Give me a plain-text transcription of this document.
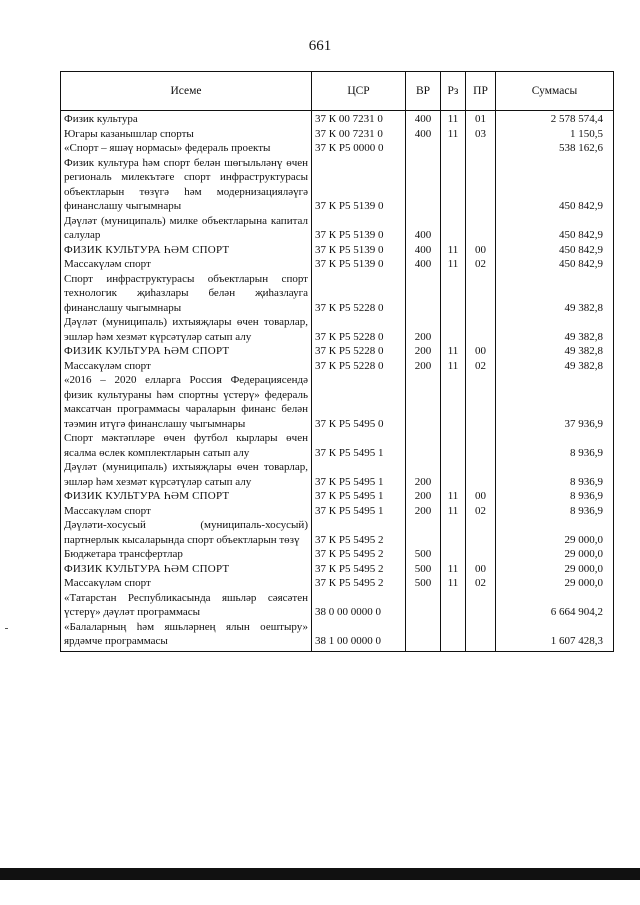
661
Исеме	ЦСР	ВР	Рз	ПР	Суммасы
Физик культура	37 К 00 7231 0	400	11	01	2 578 574,4
Югары казанышлар спорты	37 К 00 7231 0	400	11	03	1 150,5
«Спорт – яшәү нормасы» федераль проекты	37 К Р5 0000 0				538 162,6
Физик культура һәм спорт белән шөгыльләнү өчен региональ милекътәге спорт инфраструктурасы объектларын төзүгә һәм модернизацияләүгә финанслашу чыгымнары	37 К Р5 5139 0				450 842,9
Дәүләт (муниципаль) милке объектларына капитал салулар	37 К Р5 5139 0	400			450 842,9
ФИЗИК КУЛЬТУРА ҺӘМ СПОРТ	37 К Р5 5139 0	400	11	00	450 842,9
Массакүләм спорт	37 К Р5 5139 0	400	11	02	450 842,9
Спорт инфраструктурасы объектларын спорт технологик җиһазлары белән җиһазлауга финанслашу чыгымнары	37 К Р5 5228 0				49 382,8
Дәүләт (муниципаль) ихтыяҗлары өчен товарлар, эшләр һәм хезмәт күрсәтүләр сатып алу	37 К Р5 5228 0	200			49 382,8
ФИЗИК КУЛЬТУРА ҺӘМ СПОРТ	37 К Р5 5228 0	200	11	00	49 382,8
Массакүләм спорт	37 К Р5 5228 0	200	11	02	49 382,8
«2016 – 2020 елларга Россия Федерациясендә физик культураны һәм спортны үстерү» федераль максатчан программасы чараларын финанс белән тәэмин итүгә финанслашу чыгымнары	37 К Р5 5495 0				37 936,9
Спорт мәктәпләре өчен футбол кырлары өчен ясалма өслек комплектларын сатып алу	37 К Р5 5495 1				8 936,9
Дәүләт (муниципаль) ихтыяҗлары өчен товарлар, эшләр һәм хезмәт күрсәтүләр сатып алу	37 К Р5 5495 1	200			8 936,9
ФИЗИК КУЛЬТУРА ҺӘМ СПОРТ	37 К Р5 5495 1	200	11	00	8 936,9
Массакүләм спорт	37 К Р5 5495 1	200	11	02	8 936,9
Дәүләти-хосусый (муниципаль-хосусый) партнерлык кысаларында спорт объектларын төзү	37 К Р5 5495 2				29 000,0
Бюджетара трансфертлар	37 К Р5 5495 2	500			29 000,0
ФИЗИК КУЛЬТУРА ҺӘМ СПОРТ	37 К Р5 5495 2	500	11	00	29 000,0
Массакүләм спорт	37 К Р5 5495 2	500	11	02	29 000,0
«Татарстан Республикасында яшьләр сәясәтен үстерү» дәүләт программасы	38 0 00 0000 0				6 664 904,2
«Балаларның һәм яшьләрнең ялын оештыру» ярдәмче программасы	38 1 00 0000 0				1 607 428,3
